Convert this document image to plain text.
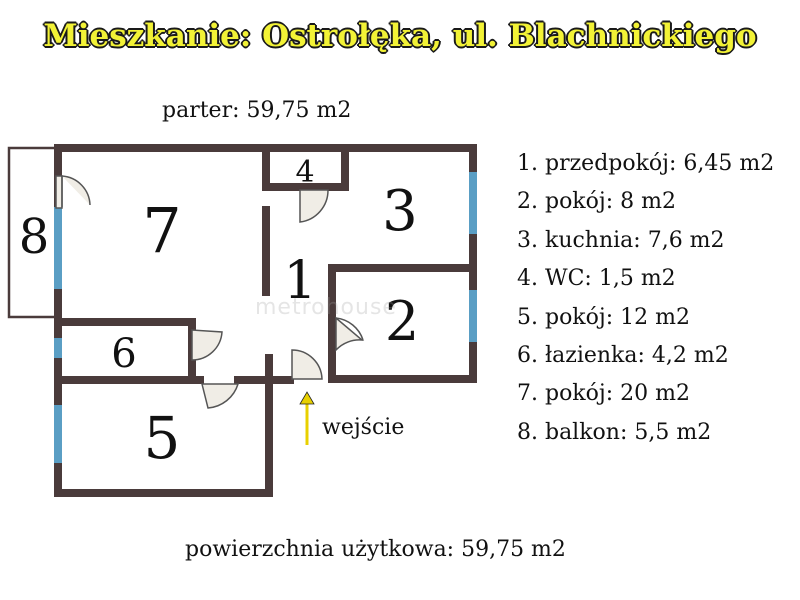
Mieszkanie: Ostrołęka, ul. Blachnickiego
parter: 59,75 m2
1
2
3
4
5
6
7
8
metrohouse
wejście
1. przedpokój: 6,45 m2
2. pokój: 8 m2
3. kuchnia: 7,6 m2
4. WC: 1,5 m2
5. pokój: 12 m2
6. łazienka: 4,2 m2
7. pokój: 20 m2
8. balkon: 5,5 m2
powierzchnia użytkowa: 59,75 m2
